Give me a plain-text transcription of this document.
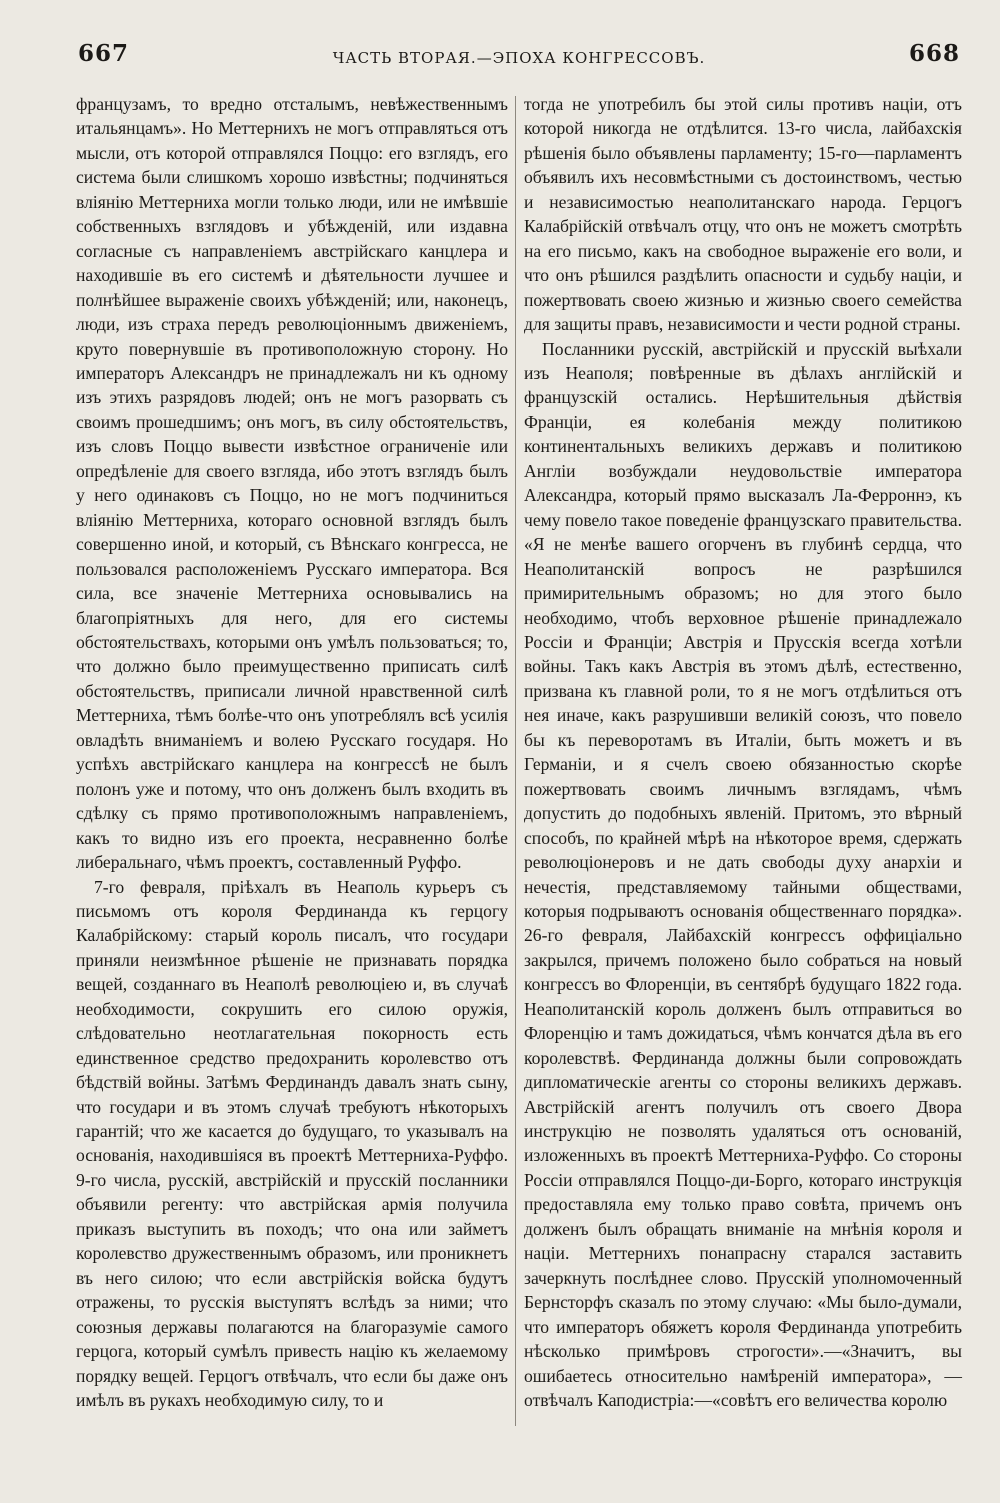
667	ЧАСТЬ ВТОРАЯ.—ЭПОХА КОНГРЕССОВЪ.	668

французамъ, то вредно отсталымъ, невѣжественнымъ итальянцамъ». Но Меттернихъ не могъ отправляться отъ мысли, отъ которой отправлялся Поццо: его взглядъ, его система были слишкомъ хорошо извѣстны; подчиняться вліянію Меттерниха могли только люди, или не имѣвшіе собственныхъ взглядовъ и убѣжденій, или издавна согласные съ направленіемъ австрійскаго канцлера и находившіе въ его системѣ и дѣятельности лучшее и полнѣйшее выраженіе своихъ убѣжденій; или, наконецъ, люди, изъ страха передъ революціоннымъ движеніемъ, круто повернувшіе въ противоположную сторону. Но императоръ Александръ не принадлежалъ ни къ одному изъ этихъ разрядовъ людей; онъ не могъ разорвать съ своимъ прошедшимъ; онъ могъ, въ силу обстоятельствъ, изъ словъ Поццо вывести извѣстное ограниченіе или опредѣленіе для своего взгляда, ибо этотъ взглядъ былъ у него одинаковъ съ Поццо, но не могъ подчиниться вліянію Меттерниха, котораго основной взглядъ былъ совершенно иной, и который, съ Вѣнскаго конгресса, не пользовался расположеніемъ Русскаго императора. Вся сила, все значеніе Меттерниха основывались на благопріятныхъ для него, для его системы обстоятельствахъ, которыми онъ умѣлъ пользоваться; то, что должно было преимущественно приписать силѣ обстоятельствъ, приписали личной нравственной силѣ Меттерниха, тѣмъ болѣе-что онъ употреблялъ всѣ усилія овладѣть вниманіемъ и волею Русскаго государя. Но успѣхъ австрійскаго канцлера на конгрессѣ не былъ полонъ уже и потому, что онъ долженъ былъ входить въ сдѣлку съ прямо противоположнымъ направленіемъ, какъ то видно изъ его проекта, несравненно болѣе либеральнаго, чѣмъ проектъ, составленный Руффо.

7-го февраля, пріѣхалъ въ Неаполь курьеръ съ письмомъ отъ короля Фердинанда къ герцогу Калабрійскому: старый король писалъ, что государи приняли неизмѣнное рѣшеніе не признавать порядка вещей, созданнаго въ Неаполѣ революціею и, въ случаѣ необходимости, сокрушить его силою оружія, слѣдовательно неотлагательная покорность есть единственное средство предохранить королевство отъ бѣдствій войны. Затѣмъ Фердинандъ давалъ знать сыну, что государи и въ этомъ случаѣ требуютъ нѣкоторыхъ гарантій; что же касается до будущаго, то указывалъ на основанія, находившіяся въ проектѣ Меттерниха-Руффо. 9-го числа, русскій, австрійскій и прусскій посланники объявили регенту: что австрійская армія получила приказъ выступить въ походъ; что она или займетъ королевство дружественнымъ образомъ, или проникнетъ въ него силою; что если австрійскія войска будутъ отражены, то русскія выступятъ вслѣдъ за ними; что союзныя державы полагаются на благоразуміе самого герцога, который сумѣлъ привесть націю къ желаемому порядку вещей. Герцогъ отвѣчалъ, что если бы даже онъ имѣлъ въ рукахъ необходимую силу, то и

тогда не употребилъ бы этой силы противъ націи, отъ которой никогда не отдѣлится. 13-го числа, лайбахскія рѣшенія было объявлены парламенту; 15-го—парламентъ объявилъ ихъ несовмѣстными съ достоинствомъ, честью и независимостью неаполитанскаго народа. Герцогъ Калабрійскій отвѣчалъ отцу, что онъ не можетъ смотрѣть на его письмо, какъ на свободное выраженіе его воли, и что онъ рѣшился раздѣлить опасности и судьбу націи, и пожертвовать своею жизнью и жизнью своего семейства для защиты правъ, независимости и чести родной страны.

Посланники русскій, австрійскій и прусскій выѣхали изъ Неаполя; повѣренные въ дѣлахъ англійскій и французскій остались. Нерѣшительныя дѣйствія Франціи, ея колебанія между политикою континентальныхъ великихъ державъ и политикою Англіи возбуждали неудовольствіе императора Александра, который прямо высказалъ Ла-Ферроннэ, къ чему повело такое поведеніе французскаго правительства. «Я не менѣе вашего огорченъ въ глубинѣ сердца, что Неаполитанскій вопросъ не разрѣшился примирительнымъ образомъ; но для этого было необходимо, чтобъ верховное рѣшеніе принадлежало Россіи и Франціи; Австрія и Прусскія всегда хотѣли войны. Такъ какъ Австрія въ этомъ дѣлѣ, естественно, призвана къ главной роли, то я не могъ отдѣлиться отъ нея иначе, какъ разрушивши великій союзъ, что повело бы къ переворотамъ въ Италіи, быть можетъ и въ Германіи, и я счелъ своею обязанностью скорѣе пожертвовать своимъ личнымъ взглядамъ, чѣмъ допустить до подобныхъ явленій. Притомъ, это вѣрный способъ, по крайней мѣрѣ на нѣкоторое время, сдержать революціонеровъ и не дать свободы духу анархіи и нечестія, представляемому тайными обществами, которыя подрываютъ основанія общественнаго порядка». 26-го февраля, Лайбахскій конгрессъ оффиціально закрылся, причемъ положено было собраться на новый конгрессъ во Флоренціи, въ сентябрѣ будущаго 1822 года. Неаполитанскій король долженъ былъ отправиться во Флоренцію и тамъ дожидаться, чѣмъ кончатся дѣла въ его королевствѣ. Фердинанда должны были сопровождать дипломатическіе агенты со стороны великихъ державъ. Австрійскій агентъ получилъ отъ своего Двора инструкцію не позволять удаляться отъ основаній, изложенныхъ въ проектѣ Меттерниха-Руффо. Со стороны Россіи отправлялся Поццо-ди-Борго, котораго инструкція предоставляла ему только право совѣта, причемъ онъ долженъ былъ обращать вниманіе на мнѣнія короля и націи. Меттернихъ понапрасну старался заставить зачеркнуть послѣднее слово. Прусскій уполномоченный Бернсторфъ сказалъ по этому случаю: «Мы было-думали, что императоръ обяжетъ короля Фердинанда употребить нѣсколько примѣровъ строгости».—«Значитъ, вы ошибаетесь относительно намѣреній императора», — отвѣчалъ Каподистріа:—«совѣтъ его величества королю
